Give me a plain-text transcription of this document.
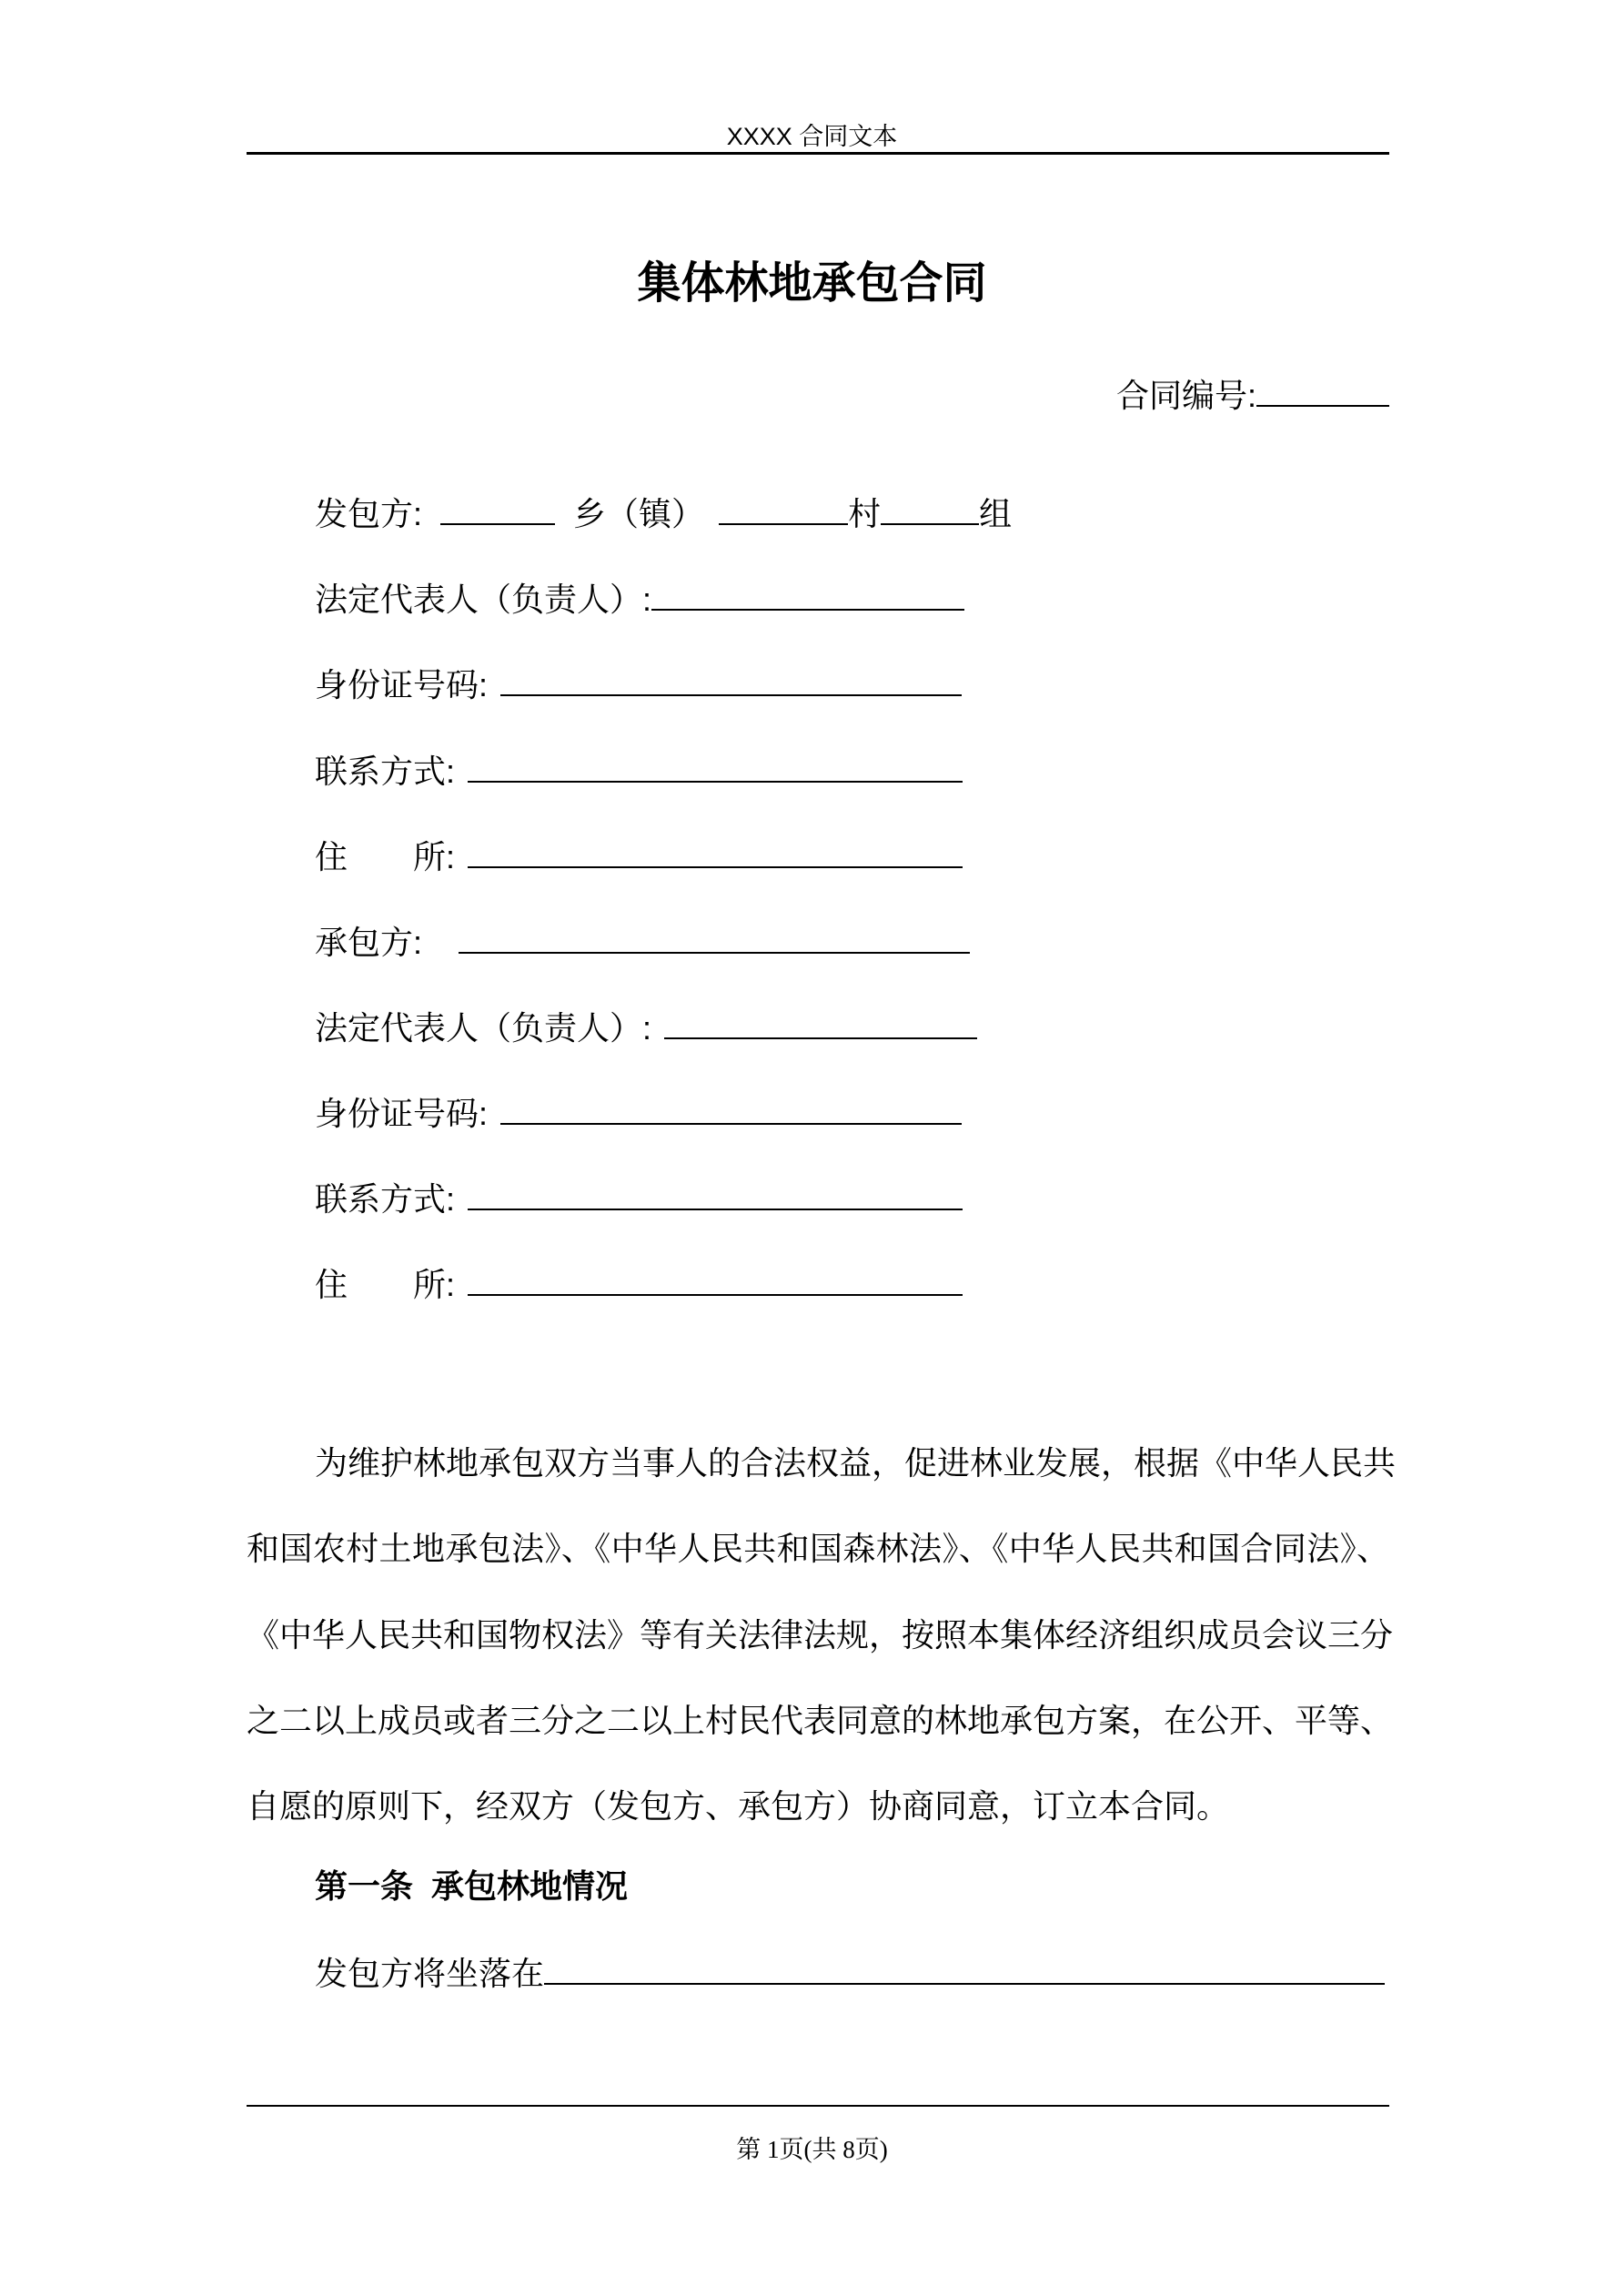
XXXX 合同文本
集体林地承包合同
合同编号:
发包方:	乡（镇）	村	组
法定代表人（负责人）:
身份证号码:
联系方式:
住 所:
承包方:
法定代表人（负责人）:
身份证号码:
联系方式:
住 所:
为维护林地承包双方当事人的合法权益，促进林业发展，根据《中华人民共
和国农村土地承包法》、《中华人民共和国森林法》、《中华人民共和国合同法》、
《中华人民共和国物权法》等有关法律法规，按照本集体经济组织成员会议三分
之二以上成员或者三分之二以上村民代表同意的林地承包方案，在公开、平等、
自愿的原则下，经双方（发包方、承包方）协商同意，订立本合同。
第一条  承包林地情况
发包方将坐落在
第 1页(共 8页)
